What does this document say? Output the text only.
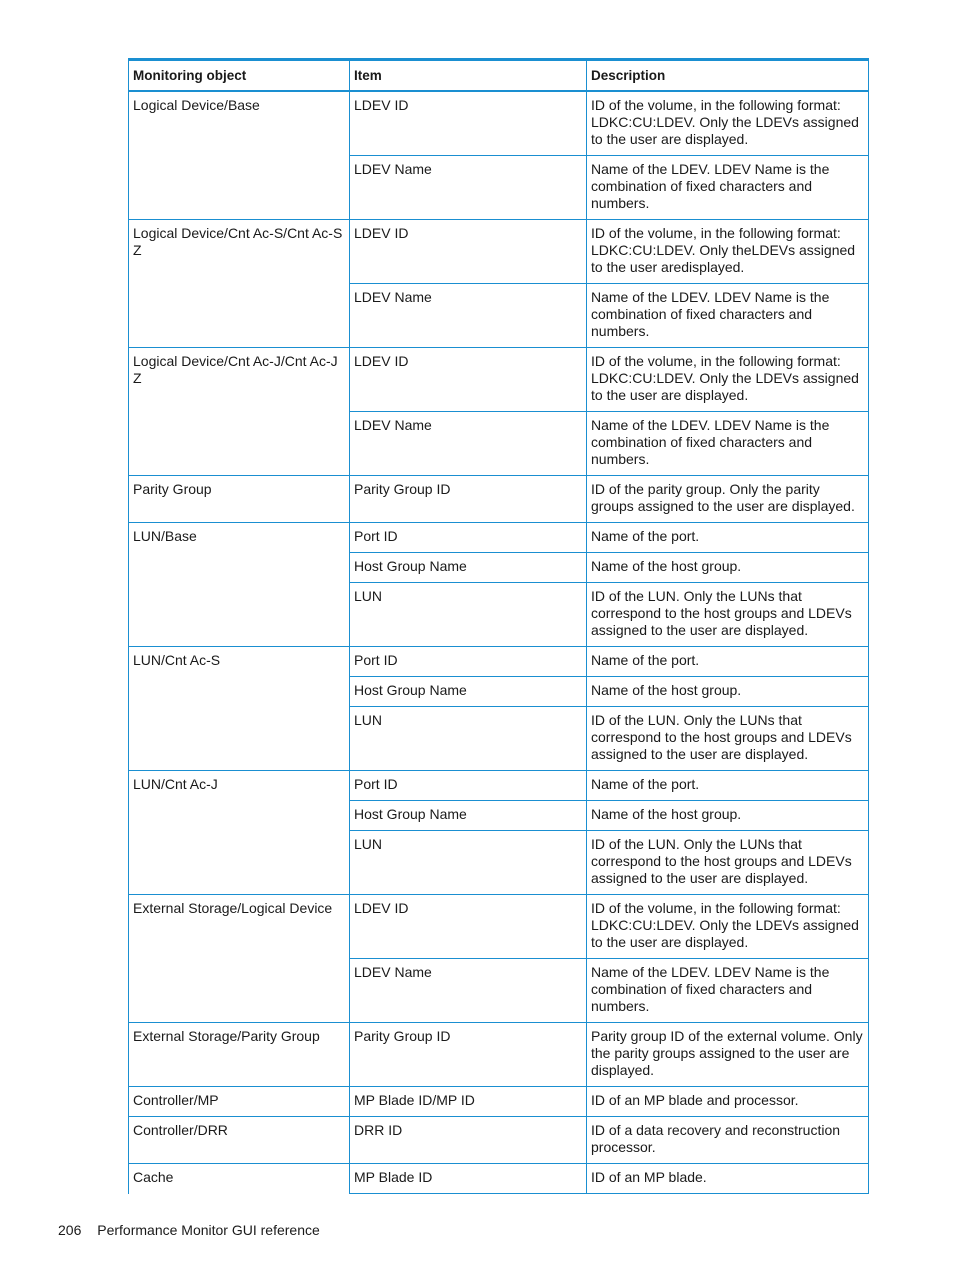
Monitoring object	Item	Description
Logical Device/Base	LDEV ID	ID of the volume, in the following format: LDKC:CU:LDEV. Only the LDEVs assigned to the user are displayed.
	LDEV Name	Name of the LDEV. LDEV Name is the combination of fixed characters and numbers.
Logical Device/Cnt Ac-S/Cnt Ac-S Z	LDEV ID	ID of the volume, in the following format: LDKC:CU:LDEV. Only theLDEVs assigned to the user aredisplayed.
	LDEV Name	Name of the LDEV. LDEV Name is the combination of fixed characters and numbers.
Logical Device/Cnt Ac-J/Cnt Ac-J Z	LDEV ID	ID of the volume, in the following format: LDKC:CU:LDEV. Only the LDEVs assigned to the user are displayed.
	LDEV Name	Name of the LDEV. LDEV Name is the combination of fixed characters and numbers.
Parity Group	Parity Group ID	ID of the parity group. Only the parity groups assigned to the user are displayed.
LUN/Base	Port ID	Name of the port.
	Host Group Name	Name of the host group.
	LUN	ID of the LUN. Only the LUNs that correspond to the host groups and LDEVs assigned to the user are displayed.
LUN/Cnt Ac-S	Port ID	Name of the port.
	Host Group Name	Name of the host group.
	LUN	ID of the LUN. Only the LUNs that correspond to the host groups and LDEVs assigned to the user are displayed.
LUN/Cnt Ac-J	Port ID	Name of the port.
	Host Group Name	Name of the host group.
	LUN	ID of the LUN. Only the LUNs that correspond to the host groups and LDEVs assigned to the user are displayed.
External Storage/Logical Device	LDEV ID	ID of the volume, in the following format: LDKC:CU:LDEV. Only the LDEVs assigned to the user are displayed.
	LDEV Name	Name of the LDEV. LDEV Name is the combination of fixed characters and numbers.
External Storage/Parity Group	Parity Group ID	Parity group ID of the external volume. Only the parity groups assigned to the user are displayed.
Controller/MP	MP Blade ID/MP ID	ID of an MP blade and processor.
Controller/DRR	DRR ID	ID of a data recovery and reconstruction processor.
Cache	MP Blade ID	ID of an MP blade.
206 Performance Monitor GUI reference
